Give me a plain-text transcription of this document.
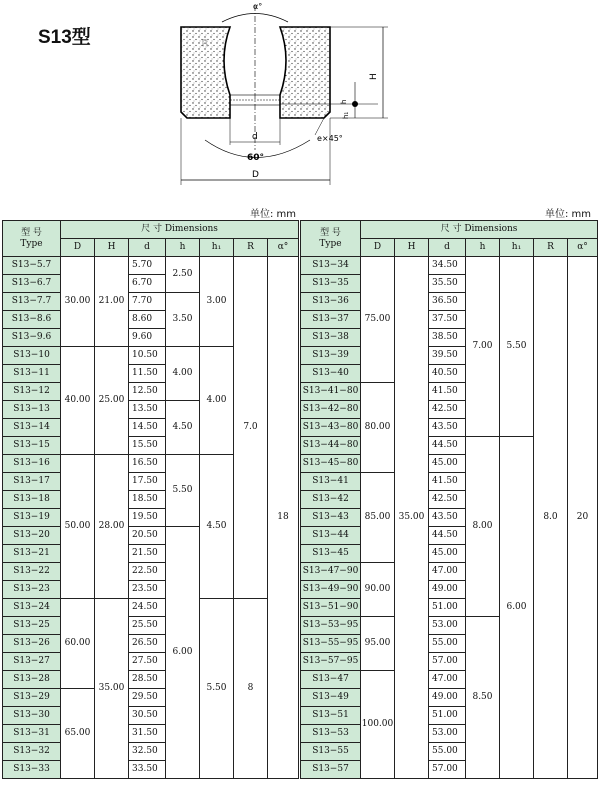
S13型
α°
R
H
h
h₁
d	e×45°
60°
D
单位: mm	单位: mm
型 号
Type	尺 寸 Dimensions						
	D	H	d	h	h₁	R	α°
S13−5.7	30.00	21.00	5.70	2.50	3.00	7.0	18
S13−6.7			6.70				
S13−7.7			7.70	3.50			
S13−8.6			8.60				
S13−9.6			9.60				
S13−10	40.00	25.00	10.50	4.00	4.00		
S13−11			11.50				
S13−12			12.50				
S13−13			13.50	4.50			
S13−14			14.50				
S13−15			15.50				
S13−16	50.00	28.00	16.50	5.50	4.50		
S13−17			17.50				
S13−18			18.50				
S13−19			19.50				
S13−20			20.50	6.00			
S13−21			21.50				
S13−22			22.50				
S13−23			23.50				
S13−24	60.00	35.00	24.50		5.50	8	
S13−25			25.50				
S13−26			26.50				
S13−27			27.50				
S13−28			28.50				
S13−29	65.00		29.50				
S13−30			30.50				
S13−31			31.50				
S13−32			32.50				
S13−33			33.50				
型 号
Type	尺 寸 Dimensions						
	D	H	d	h	h₁	R	α°
S13−34	75.00	35.00	34.50	7.00	5.50	8.0	20
S13−35			35.50				
S13−36			36.50				
S13−37			37.50				
S13−38			38.50				
S13−39			39.50				
S13−40			40.50				
S13−41−80	80.00		41.50				
S13−42−80			42.50				
S13−43−80			43.50				
S13−44−80			44.50	8.00	6.00		
S13−45−80			45.00				
S13−41	85.00		41.50				
S13−42			42.50				
S13−43			43.50				
S13−44			44.50				
S13−45			45.00				
S13−47−90	90.00		47.00				
S13−49−90			49.00				
S13−51−90			51.00				
S13−53−95	95.00		53.00	8.50			
S13−55−95			55.00				
S13−57−95			57.00				
S13−47	100.00		47.00				
S13−49			49.00				
S13−51			51.00				
S13−53			53.00				
S13−55			55.00				
S13−57			57.00				
